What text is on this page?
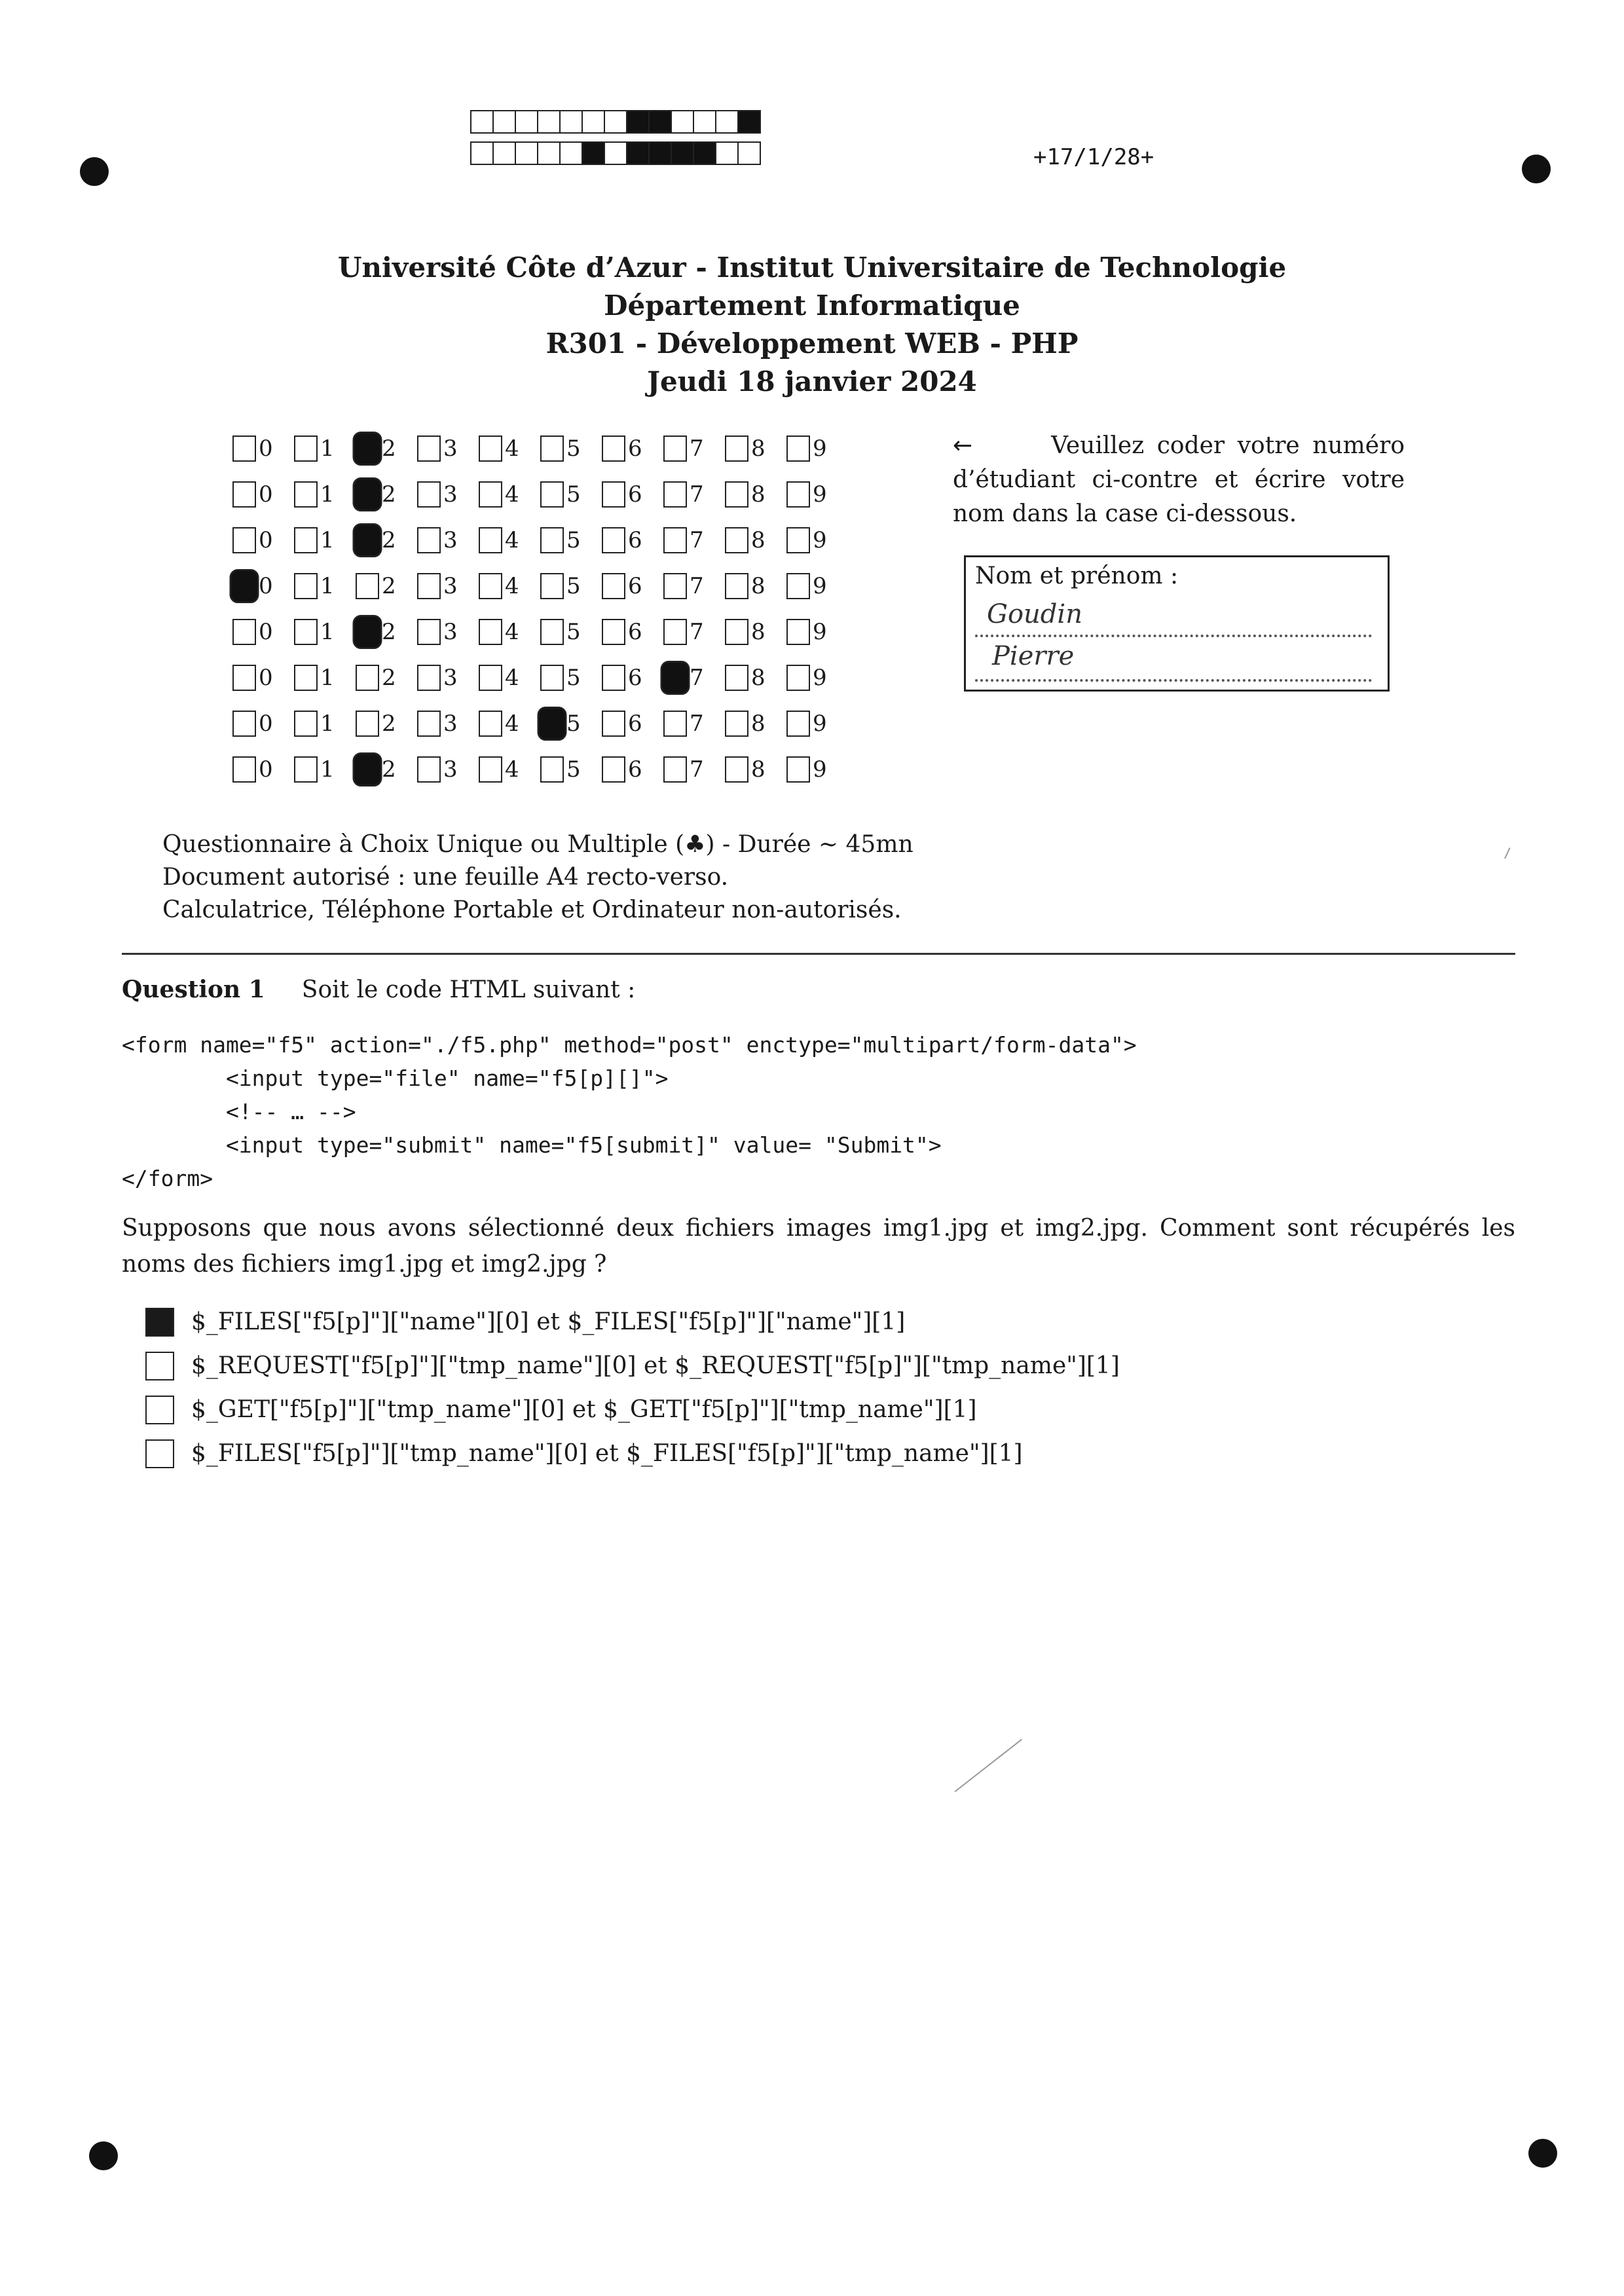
+17/1/28+
Université Côte d’Azur - Institut Universitaire de Technologie
Département Informatique
R301 - Développement WEB - PHP
Jeudi 18 janvier 2024
0 1 2 3 4 5 6 7 8 9
0 1 2 3 4 5 6 7 8 9
0 1 2 3 4 5 6 7 8 9
0 1 2 3 4 5 6 7 8 9
0 1 2 3 4 5 6 7 8 9
0 1 2 3 4 5 6 7 8 9
0 1 2 3 4 5 6 7 8 9
0 1 2 3 4 5 6 7 8 9
←	Veuillez coder votre numéro d’étudiant ci-contre et écrire votre nom dans la case ci-dessous.
Nom et prénom :
Goudin
Pierre
Questionnaire à Choix Unique ou Multiple (♣) - Durée ∼ 45mn
Document autorisé : une feuille A4 recto-verso.
Calculatrice, Téléphone Portable et Ordinateur non-autorisés.
Question 1 Soit le code HTML suivant :
<form name="f5" action="./f5.php" method="post" enctype="multipart/form-data">
<input type="file" name="f5[p][]">
<!-- … -->
<input type="submit" name="f5[submit]" value= "Submit">
</form>
Supposons que nous avons sélectionné deux fichiers images img1.jpg et img2.jpg. Comment sont récupérés les noms des fichiers img1.jpg et img2.jpg ?
$_FILES["f5[p]"]["name"][0] et $_FILES["f5[p]"]["name"][1]
$_REQUEST["f5[p]"]["tmp_name"][0] et $_REQUEST["f5[p]"]["tmp_name"][1]
$_GET["f5[p]"]["tmp_name"][0] et $_GET["f5[p]"]["tmp_name"][1]
$_FILES["f5[p]"]["tmp_name"][0] et $_FILES["f5[p]"]["tmp_name"][1]
